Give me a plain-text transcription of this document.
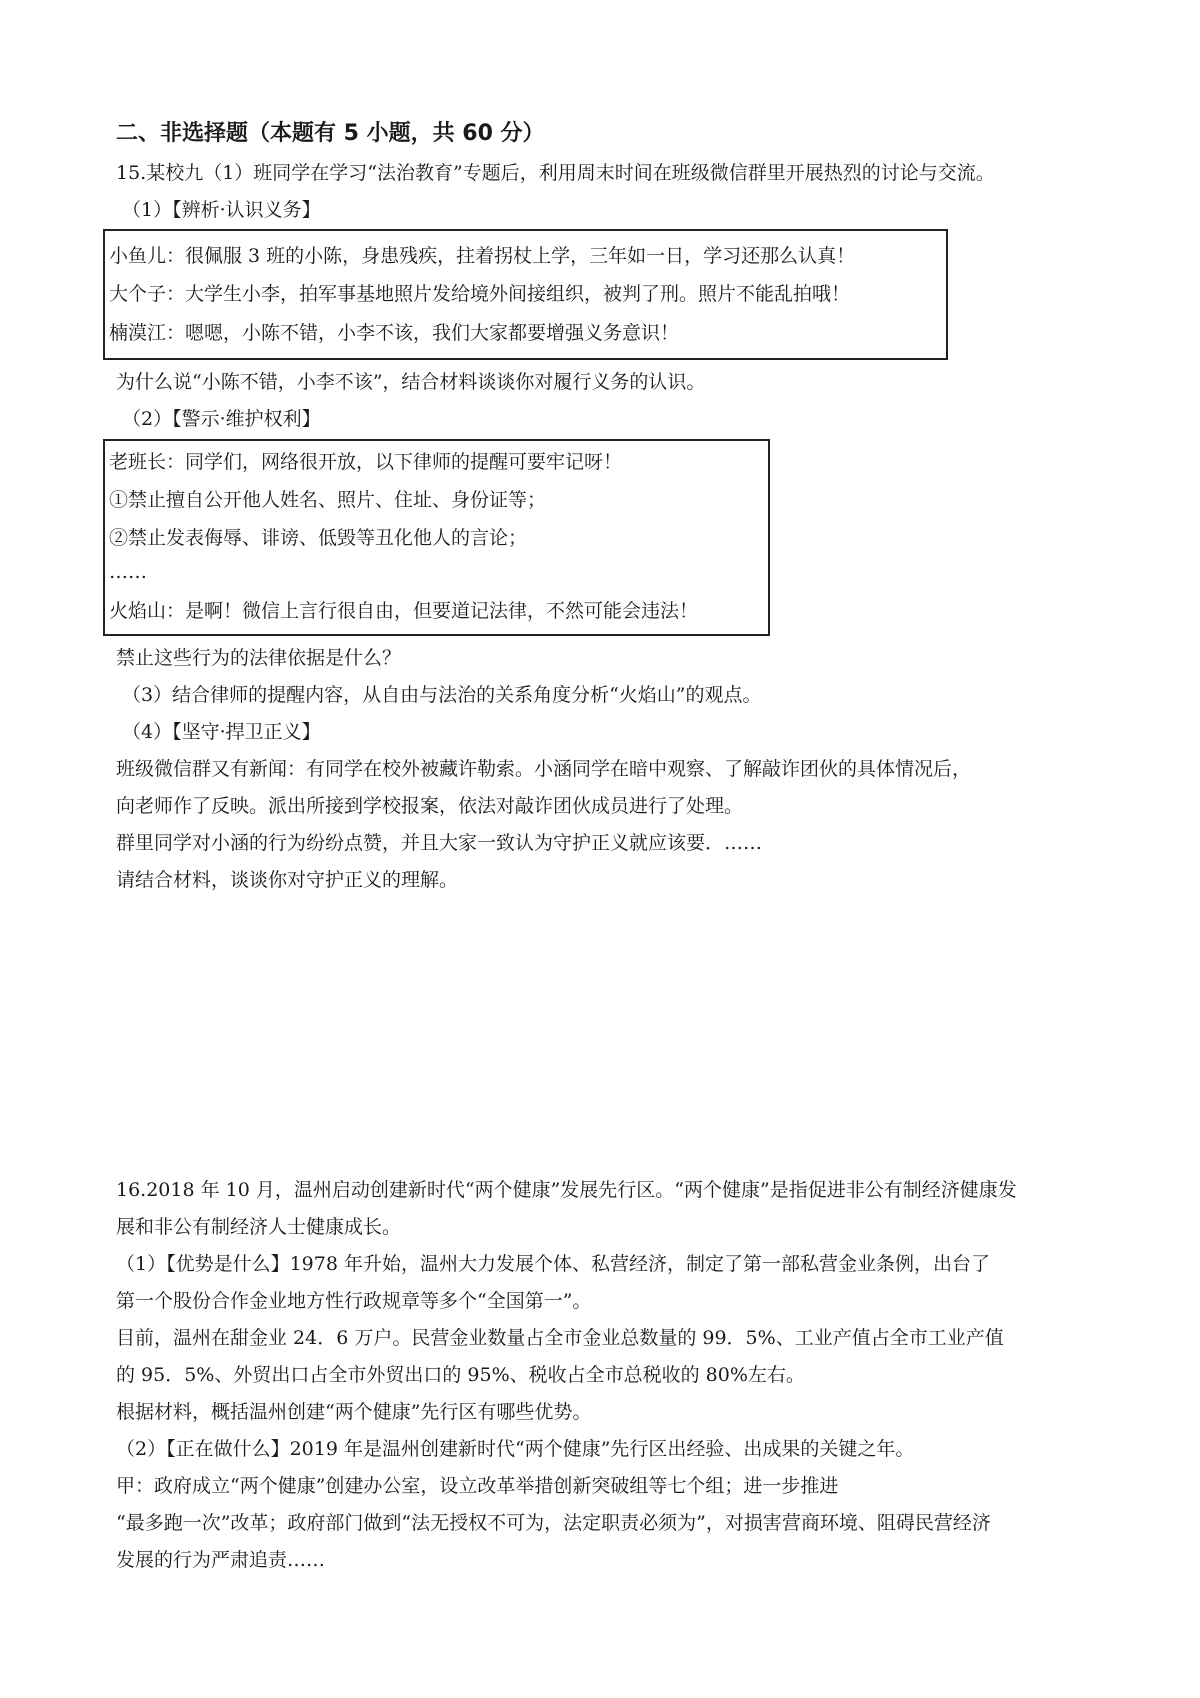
二、非选择题（本题有 5 小题，共 60 分）
15.某校九（1）班同学在学习“法治教育”专题后，利用周末时间在班级微信群里开展热烈的讨论与交流。
（1）【辨析·认识义务】
小鱼儿：很佩服 3 班的小陈，身患残疾，拄着拐杖上学，三年如一日，学习还那么认真！
大个子：大学生小李，拍军事基地照片发给境外间接组织，被判了刑。照片不能乱拍哦！
楠漠江：嗯嗯，小陈不错，小李不该，我们大家都要增强义务意识！
为什么说“小陈不错，小李不该”，结合材料谈谈你对履行义务的认识。
（2）【警示·维护权利】
老班长：同学们，网络很开放，以下律师的提醒可要牢记呀！
①禁止擅自公开他人姓名、照片、住址、身份证等；
②禁止发表侮辱、诽谤、低毁等丑化他人的言论；
……
火焰山：是啊！微信上言行很自由，但要道记法律，不然可能会违法！
禁止这些行为的法律依据是什么？
（3）结合律师的提醒内容，从自由与法治的关系角度分析“火焰山”的观点。
（4）【坚守·捍卫正义】
班级微信群又有新闻：有同学在校外被藏许勒索。小涵同学在暗中观察、了解敲诈团伙的具体情况后，
向老师作了反映。派出所接到学校报案，依法对敲诈团伙成员进行了处理。
群里同学对小涵的行为纷纷点赞，并且大家一致认为守护正义就应该要．……
请结合材料，谈谈你对守护正义的理解。
16.2018 年 10 月，温州启动创建新时代“两个健康”发展先行区。“两个健康”是指促进非公有制经济健康发
展和非公有制经济人士健康成长。
（1）【优势是什么】1978 年升始，温州大力发展个体、私营经济，制定了第一部私营金业条例，出台了
第一个股份合作金业地方性行政规章等多个“全国第一”。
目前，温州在甜金业 24．6 万户。民营金业数量占全市金业总数量的 99．5%、工业产值占全市工业产值
的 95．5%、外贸出口占全市外贸出口的 95%、税收占全市总税收的 80%左右。
根据材料，概括温州创建“两个健康”先行区有哪些优势。
（2）【正在做什么】2019 年是温州创建新时代“两个健康”先行区出经验、出成果的关键之年。
甲：政府成立“两个健康”创建办公室，设立改革举措创新突破组等七个组；进一步推进
“最多跑一次”改革；政府部门做到“法无授权不可为，法定职责必须为”，对损害营商环境、阻碍民营经济
发展的行为严肃追责……
